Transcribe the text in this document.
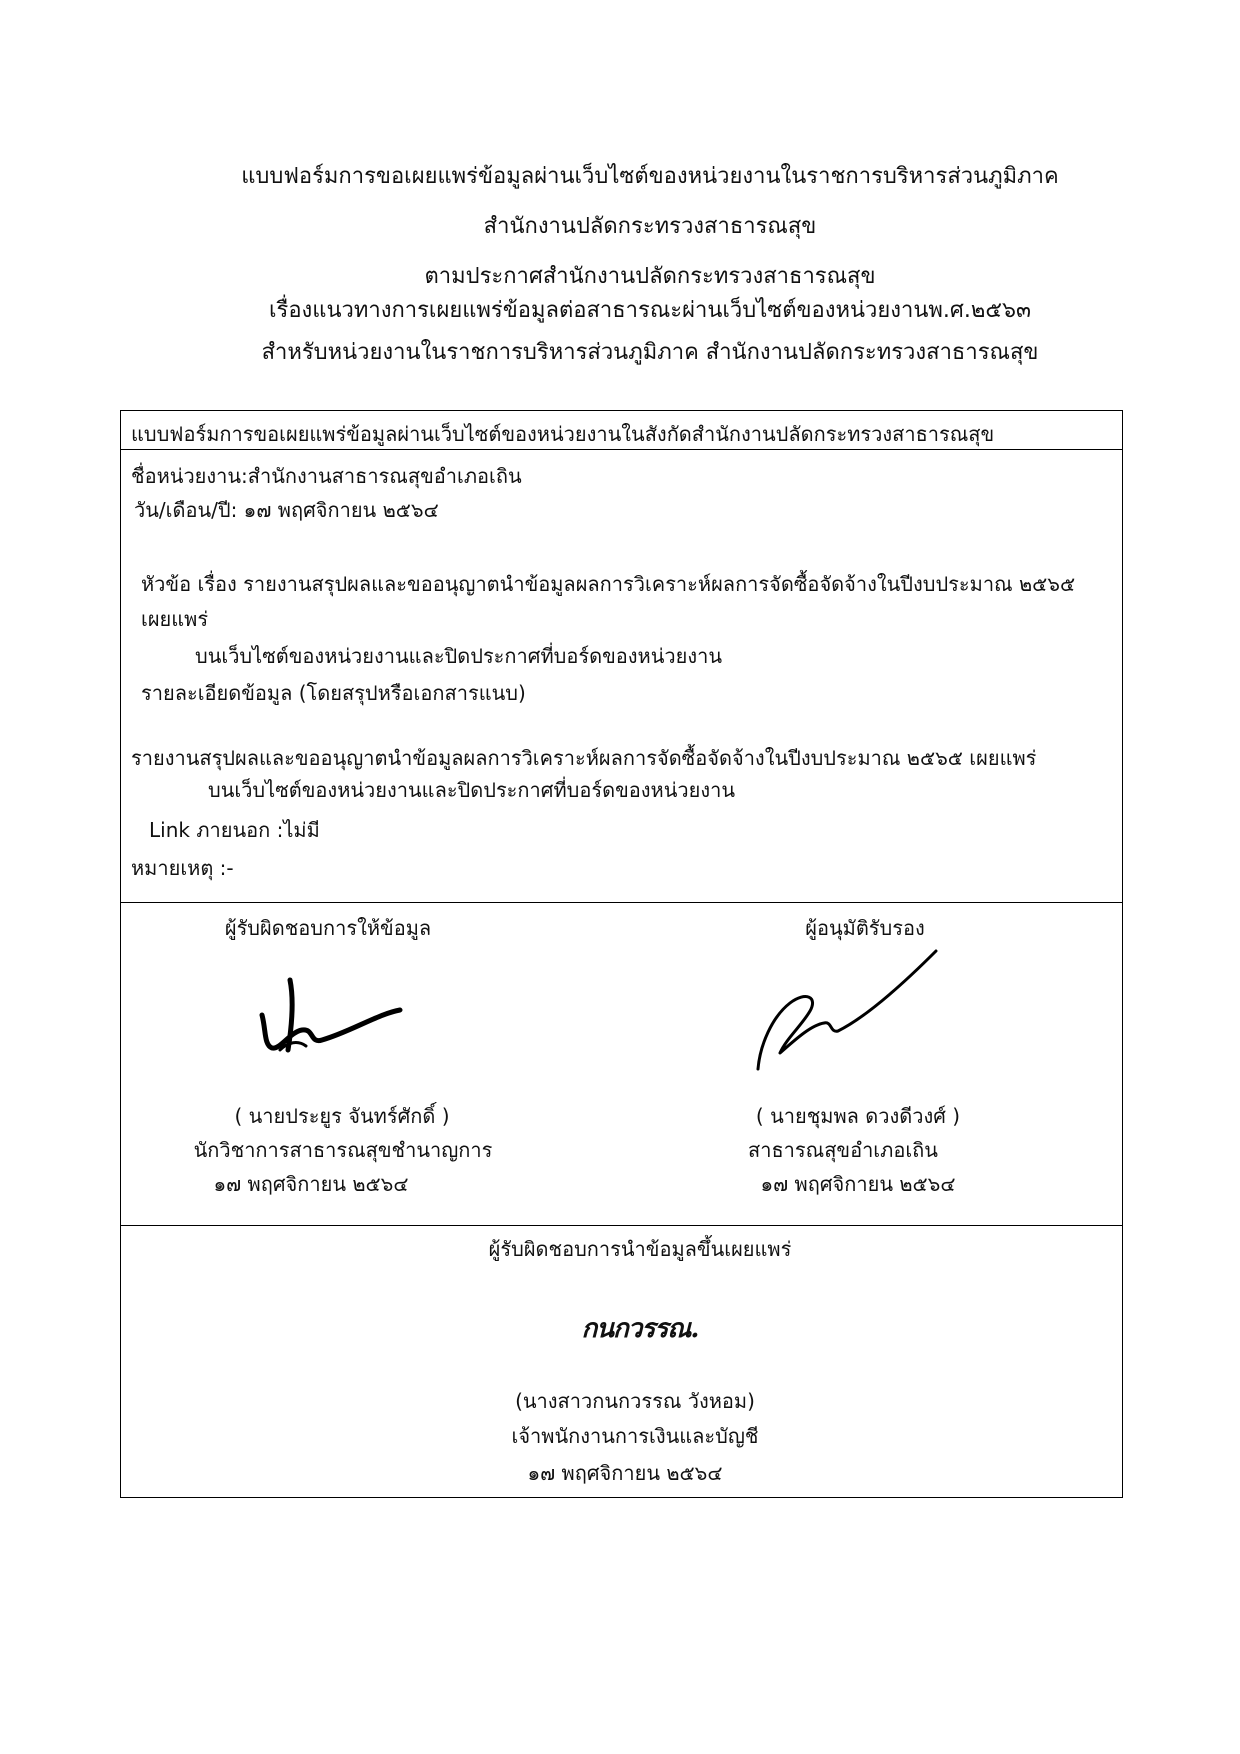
แบบฟอร์มการขอเผยแพร่ข้อมูลผ่านเว็บไซต์ของหน่วยงานในราชการบริหารส่วนภูมิภาค
สำนักงานปลัดกระทรวงสาธารณสุข
ตามประกาศสำนักงานปลัดกระทรวงสาธารณสุข
เรื่องแนวทางการเผยแพร่ข้อมูลต่อสาธารณะผ่านเว็บไซต์ของหน่วยงานพ.ศ.๒๕๖๓
สำหรับหน่วยงานในราชการบริหารส่วนภูมิภาค สำนักงานปลัดกระทรวงสาธารณสุข
แบบฟอร์มการขอเผยแพร่ข้อมูลผ่านเว็บไซต์ของหน่วยงานในสังกัดสำนักงานปลัดกระทรวงสาธารณสุข
ชื่อหน่วยงาน:สำนักงานสาธารณสุขอำเภอเถิน
วัน/เดือน/ปี: ๑๗ พฤศจิกายน ๒๕๖๔
หัวข้อ เรื่อง รายงานสรุปผลและขออนุญาตนำข้อมูลผลการวิเคราะห์ผลการจัดซื้อจัดจ้างในปีงบประมาณ ๒๕๖๕
เผยแพร่
บนเว็บไซต์ของหน่วยงานและปิดประกาศที่บอร์ดของหน่วยงาน
รายละเอียดข้อมูล (โดยสรุปหรือเอกสารแนบ)
รายงานสรุปผลและขออนุญาตนำข้อมูลผลการวิเคราะห์ผลการจัดซื้อจัดจ้างในปีงบประมาณ ๒๕๖๕ เผยแพร่
บนเว็บไซต์ของหน่วยงานและปิดประกาศที่บอร์ดของหน่วยงาน
Link ภายนอก :ไม่มี
หมายเหตุ :-
ผู้รับผิดชอบการให้ข้อมูล
( นายประยูร จันทร์ศักดิ์ )
นักวิชาการสาธารณสุขชำนาญการ
๑๗ พฤศจิกายน ๒๕๖๔
ผู้อนุมัติรับรอง
( นายชุมพล ดวงดีวงศ์ )
สาธารณสุขอำเภอเถิน
๑๗ พฤศจิกายน ๒๕๖๔
ผู้รับผิดชอบการนำข้อมูลขึ้นเผยแพร่
กนกวรรณ.
(นางสาวกนกวรรณ วังหอม)
เจ้าพนักงานการเงินและบัญชี
๑๗ พฤศจิกายน ๒๕๖๔
